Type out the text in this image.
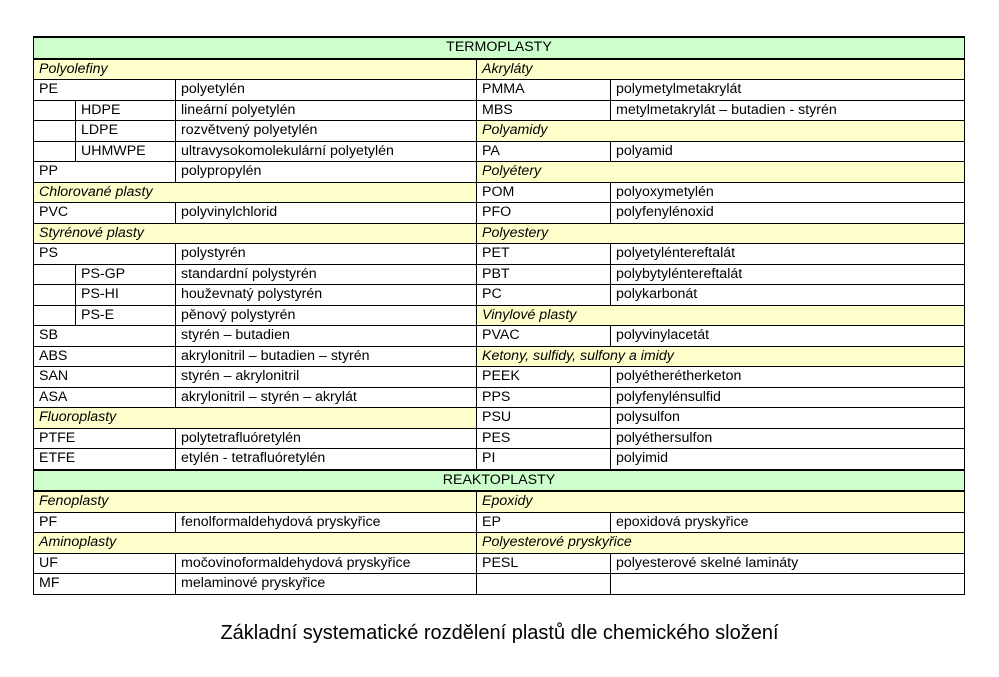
TERMOPLASTY				
Polyolefiny			Akryláty	
PE		polyetylén	PMMA	polymetylmetakrylát
	HDPE	lineární polyetylén	MBS	metylmetakrylát – butadien - styrén
	LDPE	rozvětvený polyetylén	Polyamidy	
	UHMWPE	ultravysokomolekulární polyetylén	PA	polyamid
PP		polypropylén	Polyétery	
Chlorované plasty			POM	polyoxymetylén
PVC		polyvinylchlorid	PFO	polyfenylénoxid
Styrénové plasty			Polyestery	
PS		polystyrén	PET	polyetyléntereftalát
	PS-GP	standardní polystyrén	PBT	polybytyléntereftalát
	PS-HI	houževnatý polystyrén	PC	polykarbonát
	PS-E	pěnový polystyrén	Vinylové plasty	
SB		styrén – butadien	PVAC	polyvinylacetát
ABS		akrylonitril – butadien – styrén	Ketony, sulfidy, sulfony a imidy	
SAN		styrén – akrylonitril	PEEK	polyétherétherketon
ASA		akrylonitril – styrén – akrylát	PPS	polyfenylénsulfid
Fluoroplasty			PSU	polysulfon
PTFE		polytetrafluóretylén	PES	polyéthersulfon
ETFE		etylén - tetrafluóretylén	PI	polyimid
REAKTOPLASTY				
Fenoplasty			Epoxidy	
PF		fenolformaldehydová pryskyřice	EP	epoxidová pryskyřice
Aminoplasty			Polyesterové pryskyřice	
UF		močovinoformaldehydová pryskyřice	PESL	polyesterové skelné lamináty
MF		melaminové pryskyřice		
Základní systematické rozdělení plastů dle chemického složení
